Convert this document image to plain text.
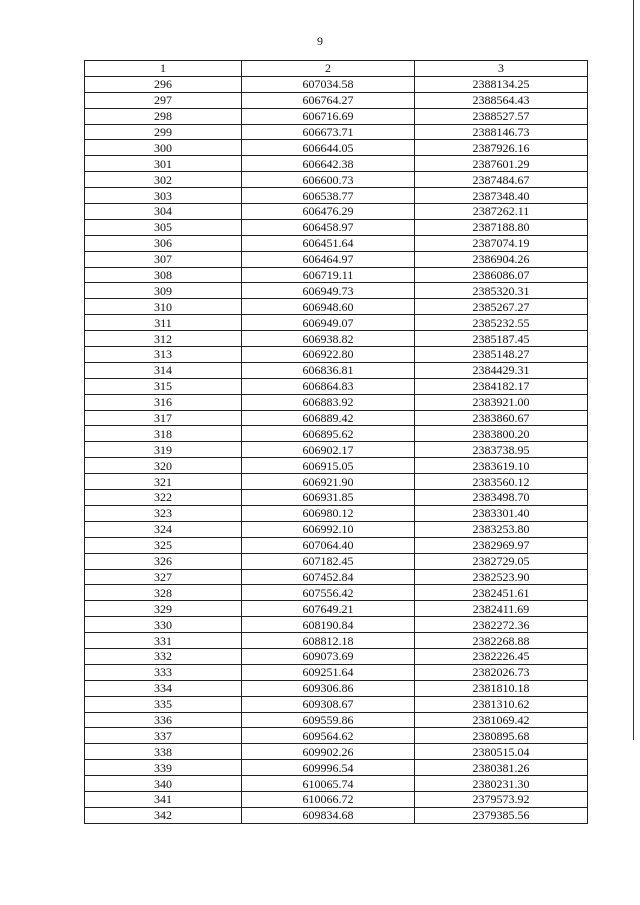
9
1	2	3
296	607034.58	2388134.25
297	606764.27	2388564.43
298	606716.69	2388527.57
299	606673.71	2388146.73
300	606644.05	2387926.16
301	606642.38	2387601.29
302	606600.73	2387484.67
303	606538.77	2387348.40
304	606476.29	2387262.11
305	606458.97	2387188.80
306	606451.64	2387074.19
307	606464.97	2386904.26
308	606719.11	2386086.07
309	606949.73	2385320.31
310	606948.60	2385267.27
311	606949.07	2385232.55
312	606938.82	2385187.45
313	606922.80	2385148.27
314	606836.81	2384429.31
315	606864.83	2384182.17
316	606883.92	2383921.00
317	606889.42	2383860.67
318	606895.62	2383800.20
319	606902.17	2383738.95
320	606915.05	2383619.10
321	606921.90	2383560.12
322	606931.85	2383498.70
323	606980.12	2383301.40
324	606992.10	2383253.80
325	607064.40	2382969.97
326	607182.45	2382729.05
327	607452.84	2382523.90
328	607556.42	2382451.61
329	607649.21	2382411.69
330	608190.84	2382272.36
331	608812.18	2382268.88
332	609073.69	2382226.45
333	609251.64	2382026.73
334	609306.86	2381810.18
335	609308.67	2381310.62
336	609559.86	2381069.42
337	609564.62	2380895.68
338	609902.26	2380515.04
339	609996.54	2380381.26
340	610065.74	2380231.30
341	610066.72	2379573.92
342	609834.68	2379385.56
